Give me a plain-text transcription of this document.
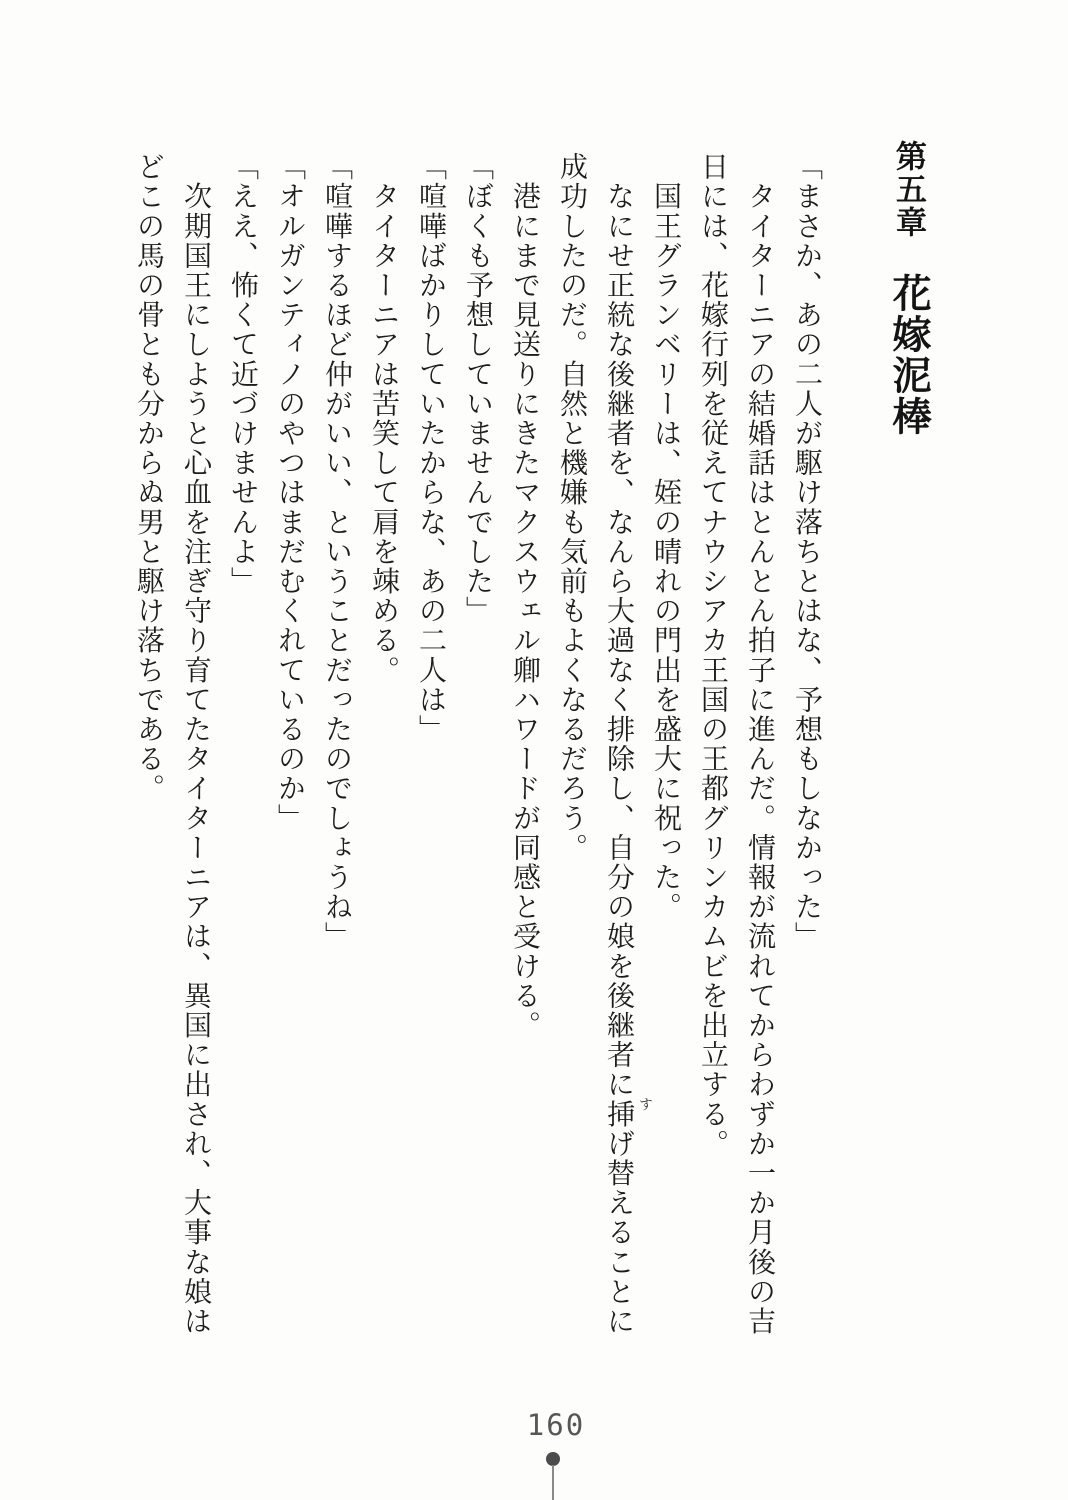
第五章 花嫁泥棒
「まさか、あの二人が駆け落ちとはな、予想もしなかった」
　タイターニアの結婚話はとんとん拍子に進んだ。情報が流れてからわずか一か月後の吉
日には、花嫁行列を従えてナウシアカ王国の王都グリンカムビを出立する。
　国王グランベリーは、姪の晴れの門出を盛大に祝った。
　なにせ正統な後継者を、なんら大過なく排除し、自分の娘を後継者に挿げ替えることに
成功したのだ。自然と機嫌も気前もよくなるだろう。
　港にまで見送りにきたマクスウェル卿ハワードが同感と受ける。
「ぼくも予想していませんでした」
「喧嘩ばかりしていたからな、あの二人は」
　タイターニアは苦笑して肩を竦める。
「喧嘩するほど仲がいい、ということだったのでしょうね」
「オルガンティノのやつはまだむくれているのか」
「ええ、怖くて近づけませんよ」
　次期国王にしようと心血を注ぎ守り育てたタイターニアは、異国に出され、大事な娘は
どこの馬の骨とも分からぬ男と駆け落ちである。
す
160
